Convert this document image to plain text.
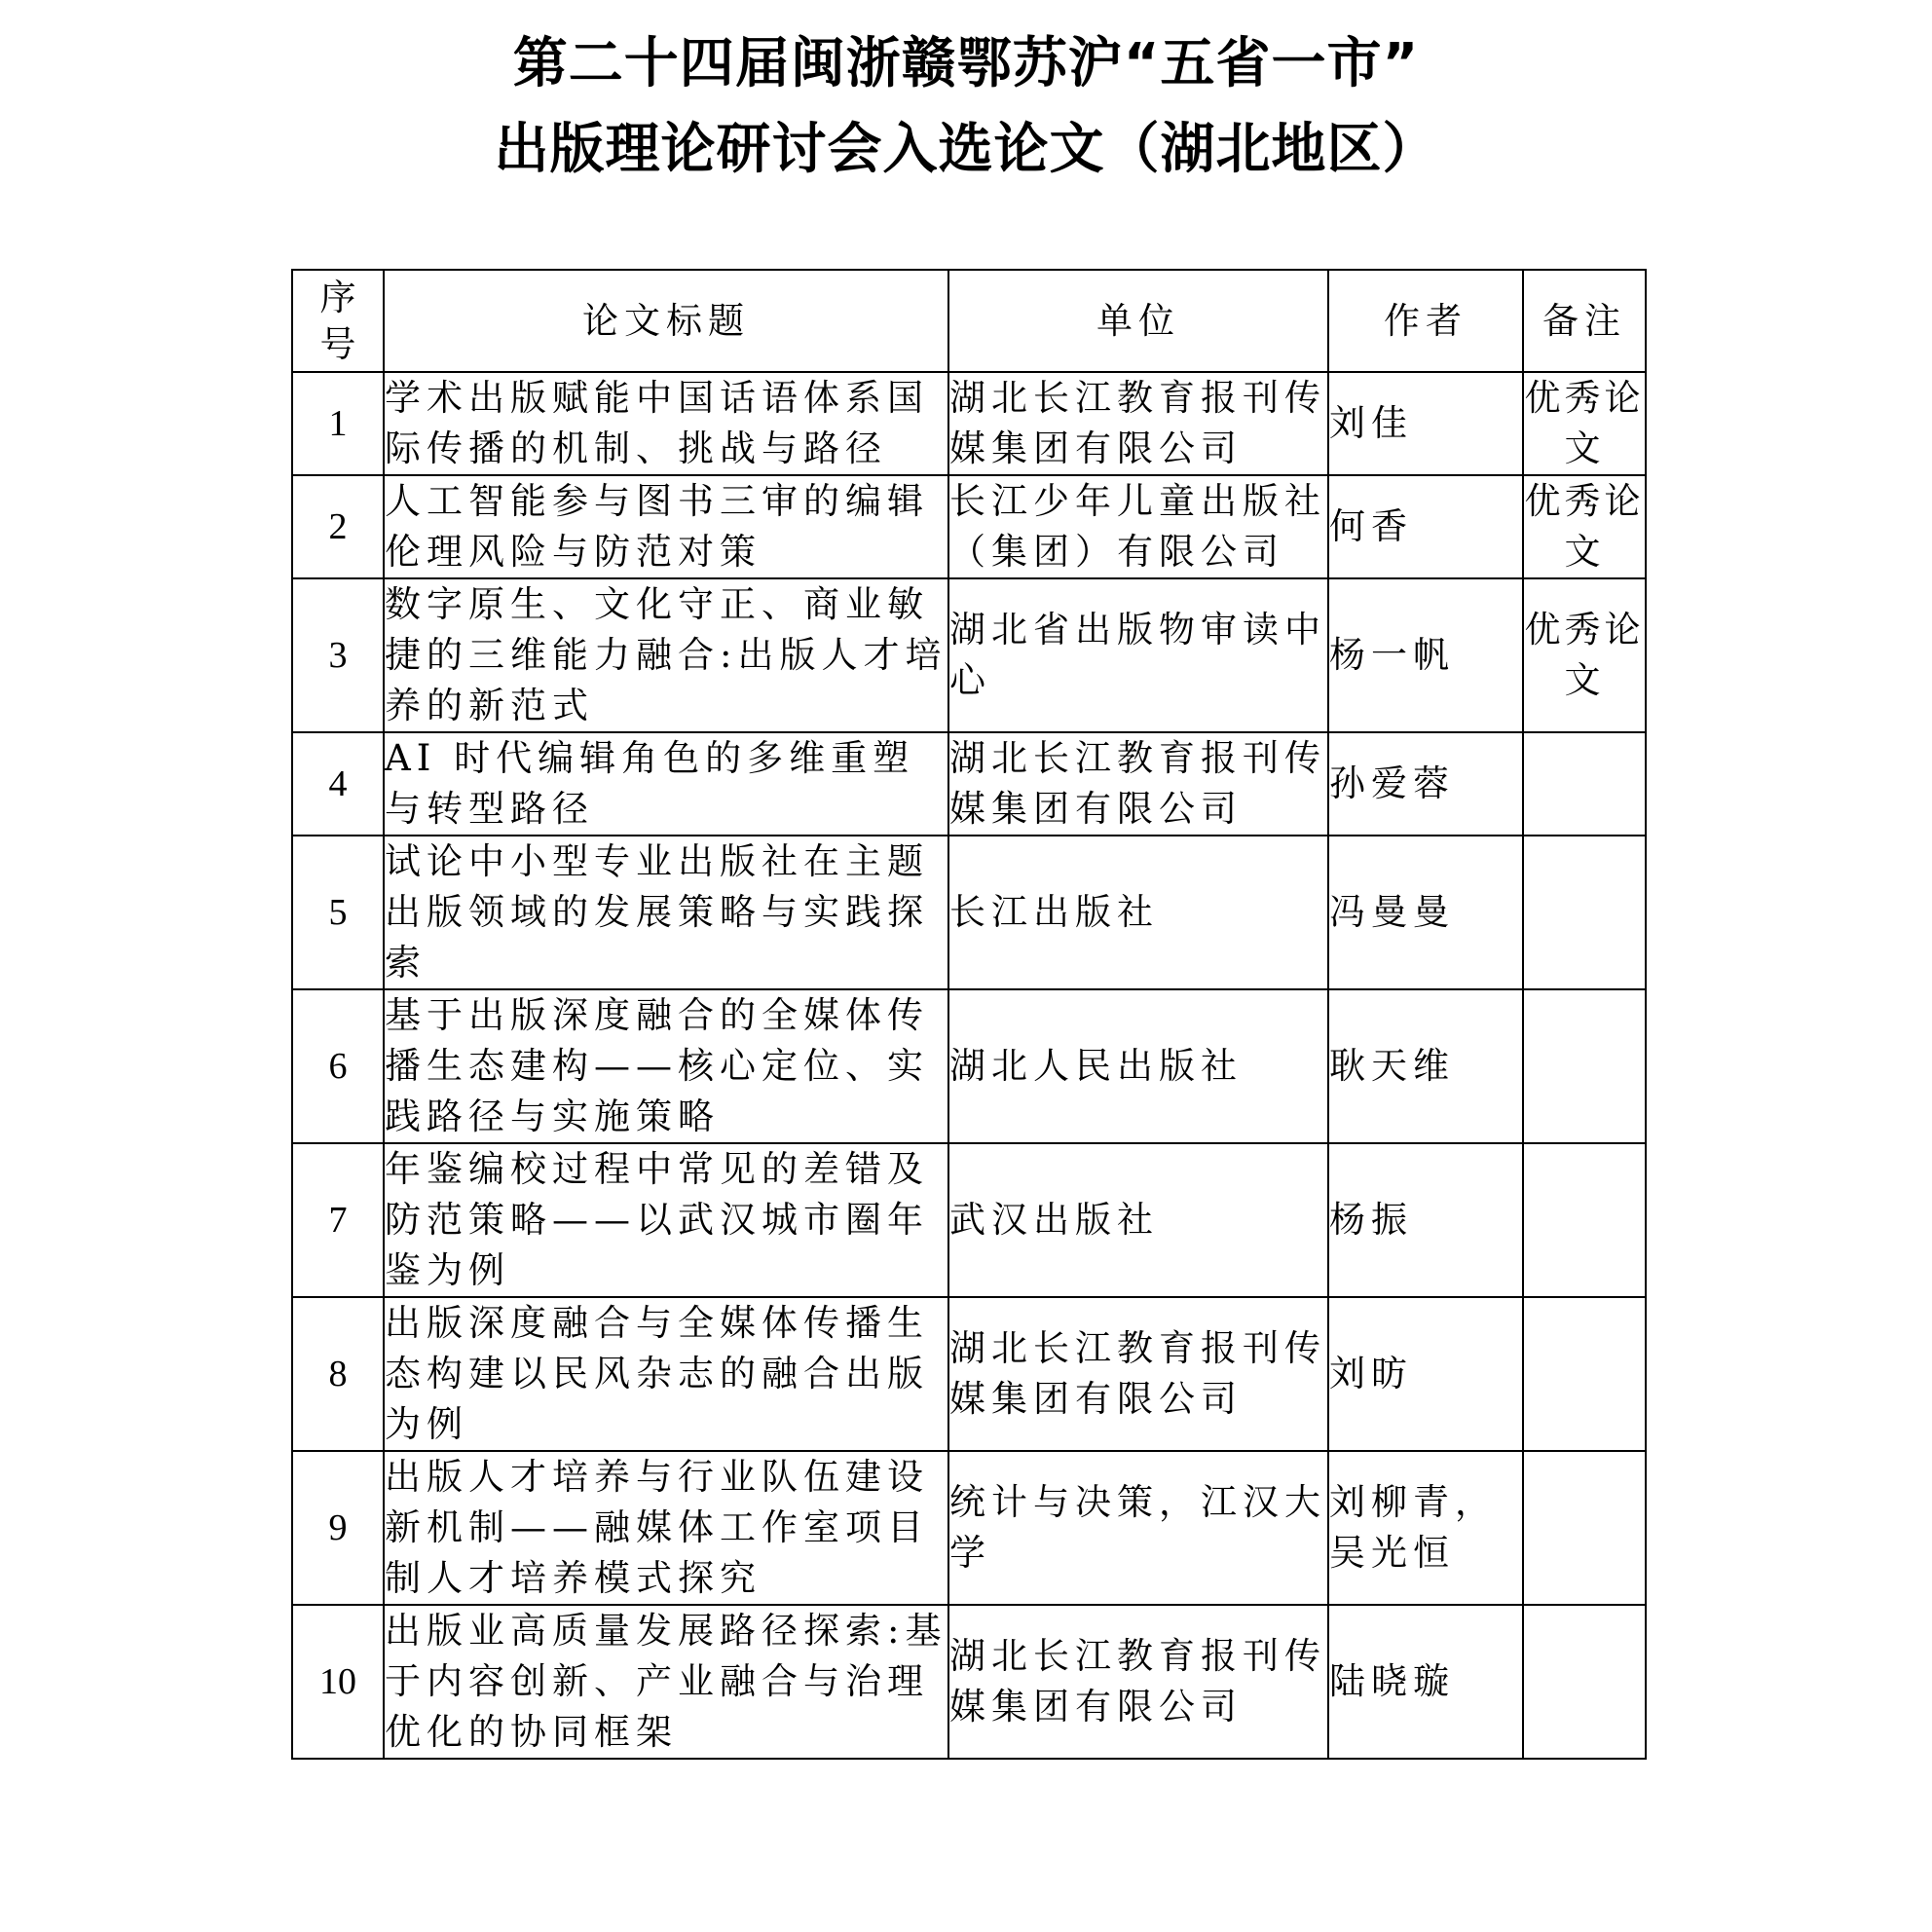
第二十四届闽浙赣鄂苏沪“五省一市”
出版理论研讨会入选论文（湖北地区）
序
号	论文标题	单位	作者	备注
1	学术出版赋能中国话语体系国际传播的机制、挑战与路径	湖北长江教育报刊传媒集团有限公司	刘佳	优秀论文
2	人工智能参与图书三审的编辑伦理风险与防范对策	长江少年儿童出版社（集团）有限公司	何香	优秀论文
3	数字原生、文化守正、商业敏捷的三维能力融合:出版人才培养的新范式	湖北省出版物审读中心	杨一帆	优秀论文
4	AI 时代编辑角色的多维重塑与转型路径	湖北长江教育报刊传媒集团有限公司	孙爱蓉	
5	试论中小型专业出版社在主题出版领域的发展策略与实践探索	长江出版社	冯曼曼	
6	基于出版深度融合的全媒体传播生态建构——核心定位、实践路径与实施策略	湖北人民出版社	耿天维	
7	年鉴编校过程中常见的差错及防范策略——以武汉城市圈年鉴为例	武汉出版社	杨振	
8	出版深度融合与全媒体传播生态构建以民风杂志的融合出版为例	湖北长江教育报刊传媒集团有限公司	刘昉	
9	出版人才培养与行业队伍建设新机制——融媒体工作室项目制人才培养模式探究	统计与决策，江汉大学	刘柳青，吴光恒	
10	出版业高质量发展路径探索:基于内容创新、产业融合与治理优化的协同框架	湖北长江教育报刊传媒集团有限公司	陆晓璇	
